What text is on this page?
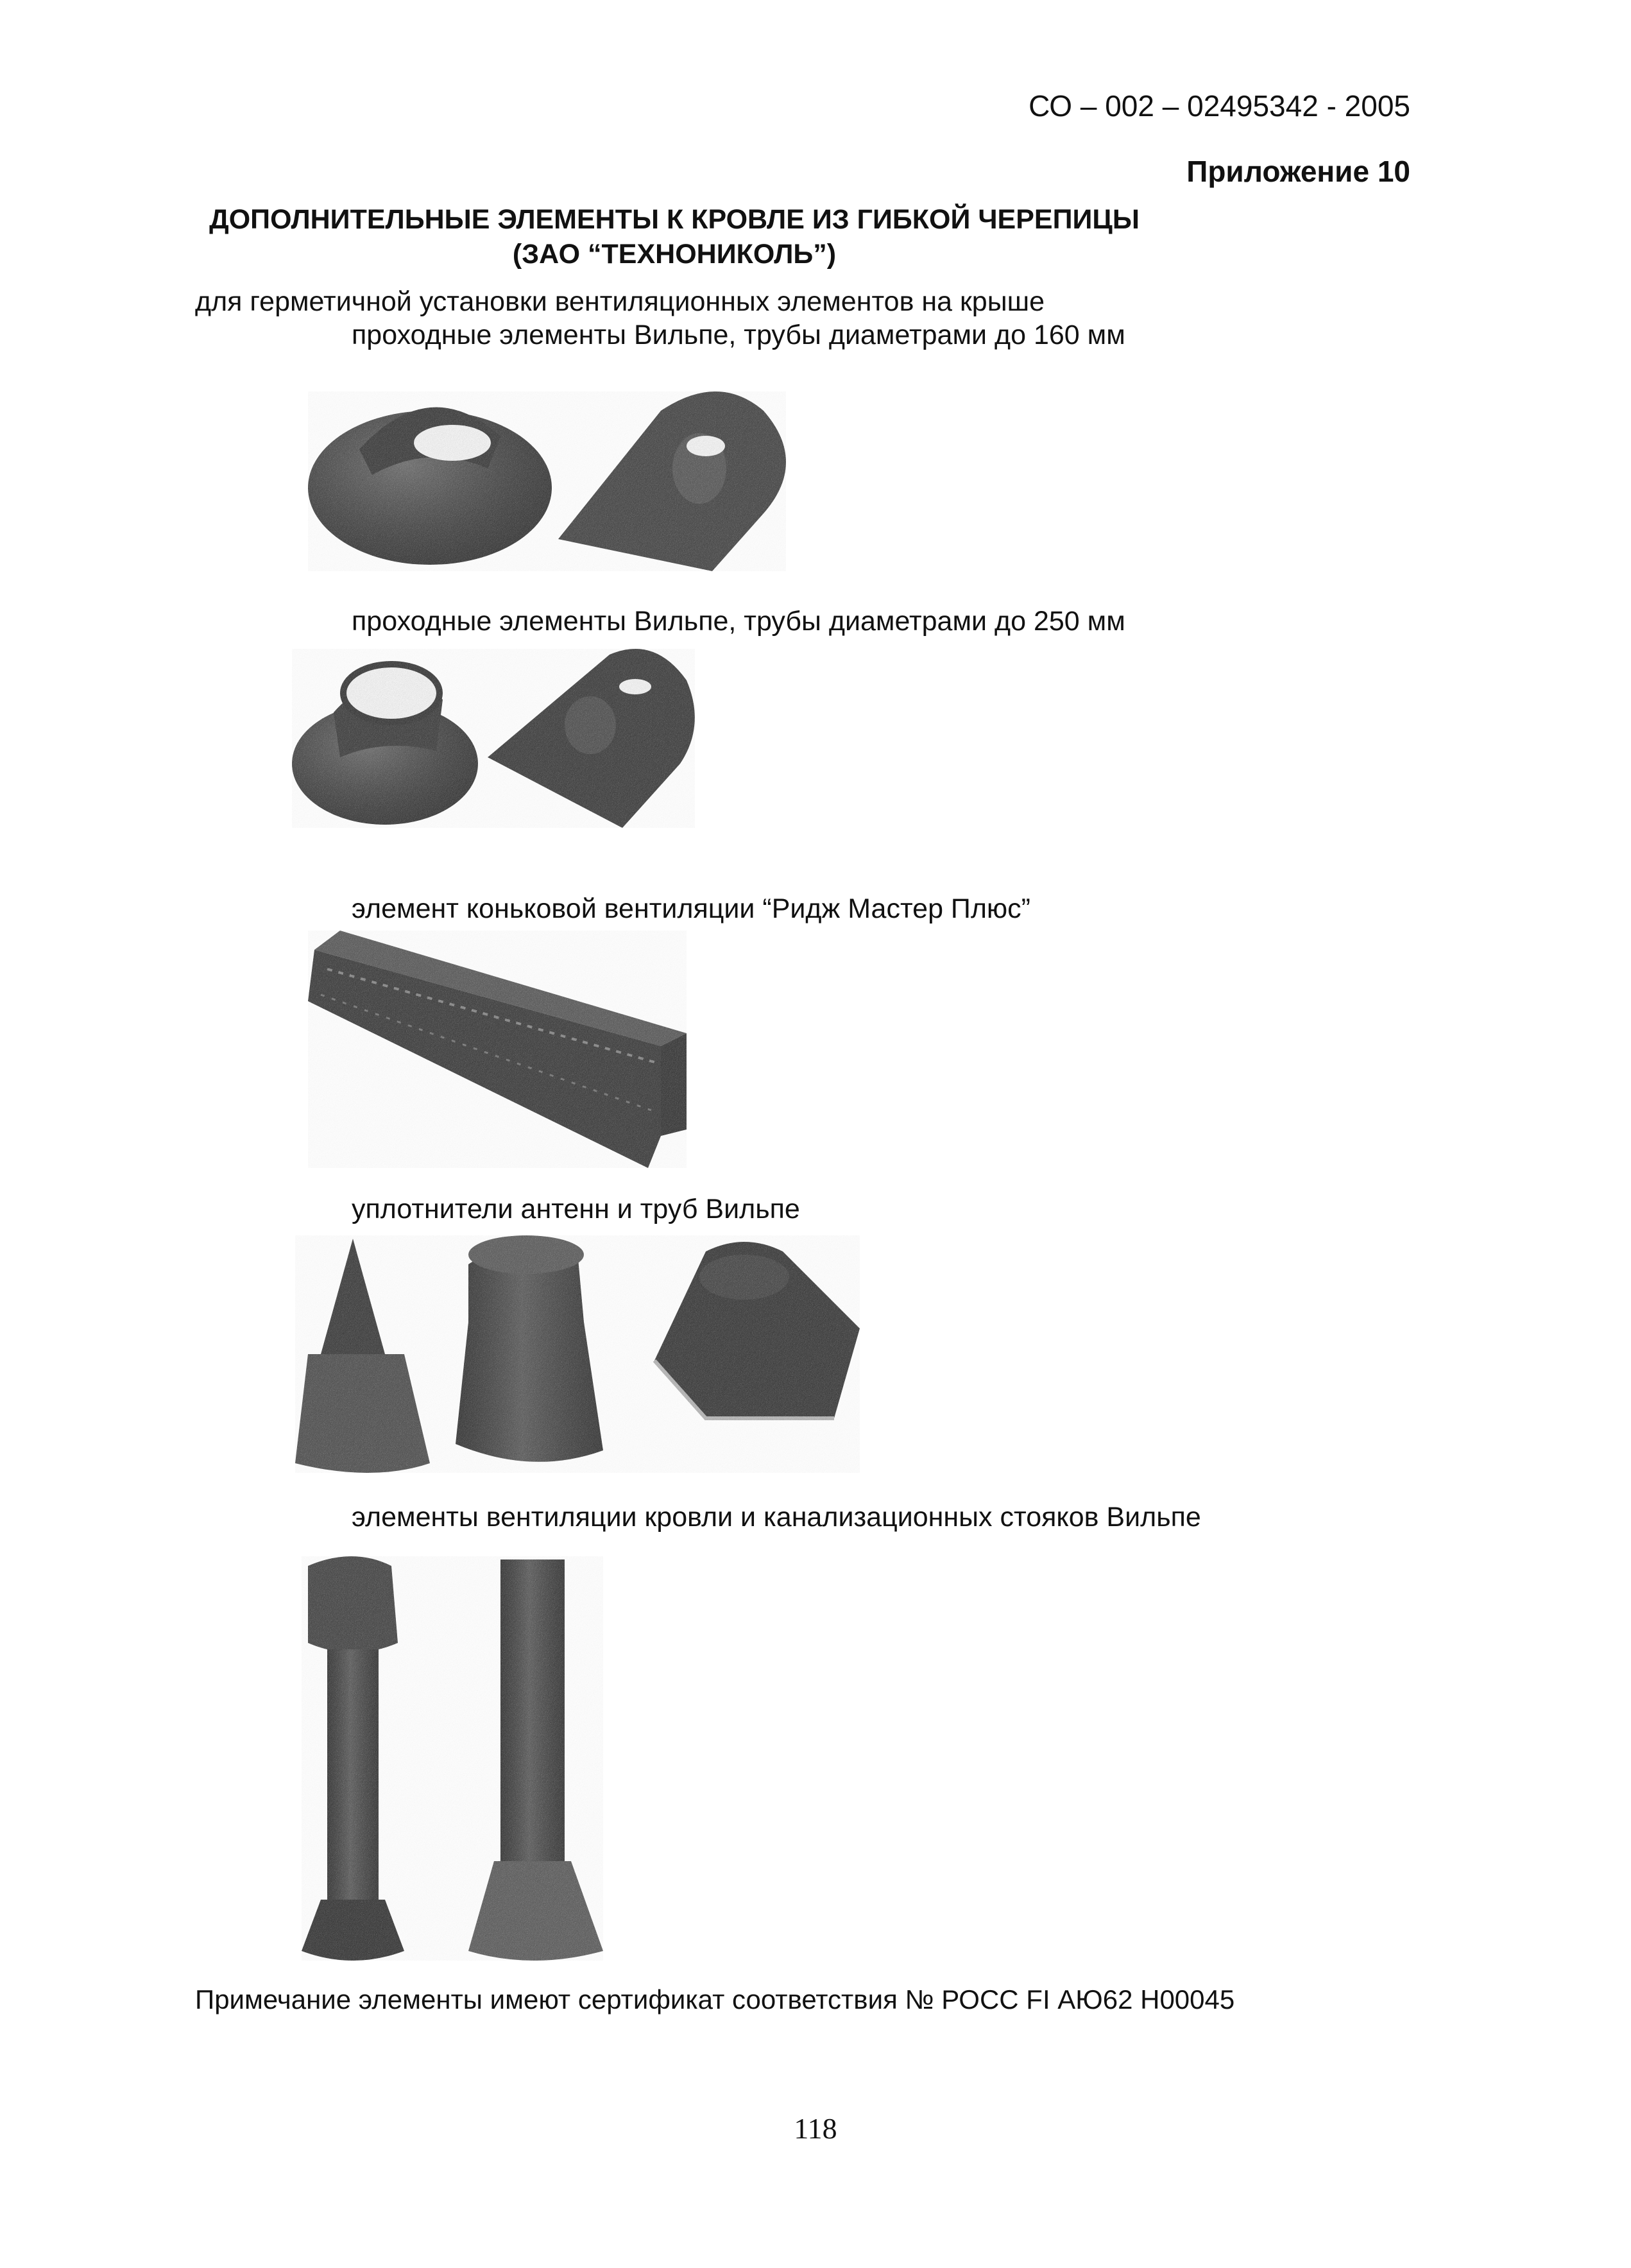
СО – 002 – 02495342 - 2005
Приложение 10
ДОПОЛНИТЕЛЬНЫЕ ЭЛЕМЕНТЫ К КРОВЛЕ ИЗ ГИБКОЙ ЧЕРЕПИЦЫ
(ЗАО “ТЕХНОНИКОЛЬ”)
для герметичной установки вентиляционных элементов на крыше
проходные элементы Вильпе, трубы диаметрами до 160 мм
проходные элементы Вильпе, трубы диаметрами до 250 мм
элемент коньковой вентиляции “Ридж Мастер Плюс”
уплотнители антенн и труб Вильпе
элементы вентиляции кровли и канализационных стояков Вильпе
Примечание элементы имеют сертификат соответствия № РОСС FI АЮ62 Н00045
118
